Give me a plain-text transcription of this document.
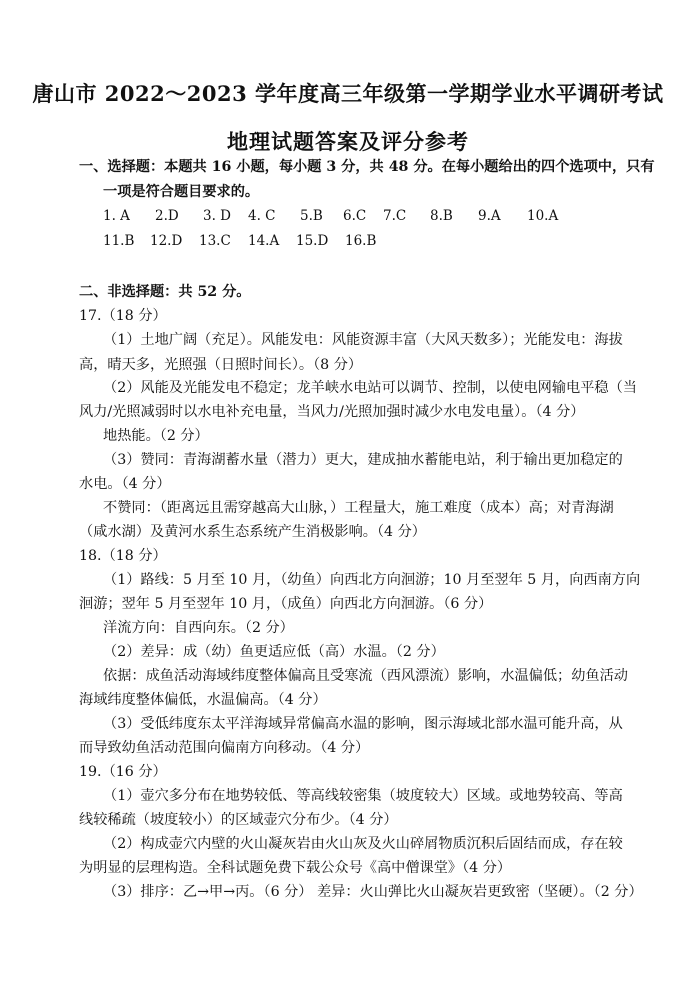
唐山市 2022～2023 学年度高三年级第一学期学业水平调研考试
地理试题答案及评分参考
一、选择题：本题共 16 小题，每小题 3 分，共 48 分。在每小题给出的四个选项中，只有
一项是符合题目要求的。
1. A 2.D 3. D 4. C 5.B 6.C 7.C 8.B 9.A 10.A
11.B 12.D 13.C 14.A 15.D 16.B
二、非选择题：共 52 分。
17.（18 分）
（1）土地广阔（充足）。风能发电：风能资源丰富（大风天数多）；光能发电：海拔
高，晴天多，光照强（日照时间长）。（8 分）
（2）风能及光能发电不稳定；龙羊峡水电站可以调节、控制，以使电网输电平稳（当
风力/光照减弱时以水电补充电量，当风力/光照加强时减少水电发电量）。（4 分）
地热能。（2 分）
（3）赞同：青海湖蓄水量（潜力）更大，建成抽水蓄能电站，利于输出更加稳定的
水电。（4 分）
不赞同：（距离远且需穿越高大山脉，）工程量大，施工难度（成本）高；对青海湖
（咸水湖）及黄河水系生态系统产生消极影响。（4 分）
18.（18 分）
（1）路线：5 月至 10 月，（幼鱼）向西北方向洄游；10 月至翌年 5 月，向西南方向
洄游；翌年 5 月至翌年 10 月，（成鱼）向西北方向洄游。（6 分）
洋流方向：自西向东。（2 分）
（2）差异：成（幼）鱼更适应低（高）水温。（2 分）
依据：成鱼活动海域纬度整体偏高且受寒流（西风漂流）影响，水温偏低；幼鱼活动
海域纬度整体偏低，水温偏高。（4 分）
（3）受低纬度东太平洋海域异常偏高水温的影响，图示海域北部水温可能升高，从
而导致幼鱼活动范围向偏南方向移动。（4 分）
19.（16 分）
（1）壶穴多分布在地势较低、等高线较密集（坡度较大）区域。或地势较高、等高
线较稀疏（坡度较小）的区域壶穴分布少。（4 分）
（2）构成壶穴内壁的火山凝灰岩由火山灰及火山碎屑物质沉积后固结而成，存在较
为明显的层理构造。全科试题免费下载公众号《高中僧课堂》（4 分）
（3）排序：乙→甲→丙。（6 分） 差异：火山弹比火山凝灰岩更致密（坚硬）。（2 分）
